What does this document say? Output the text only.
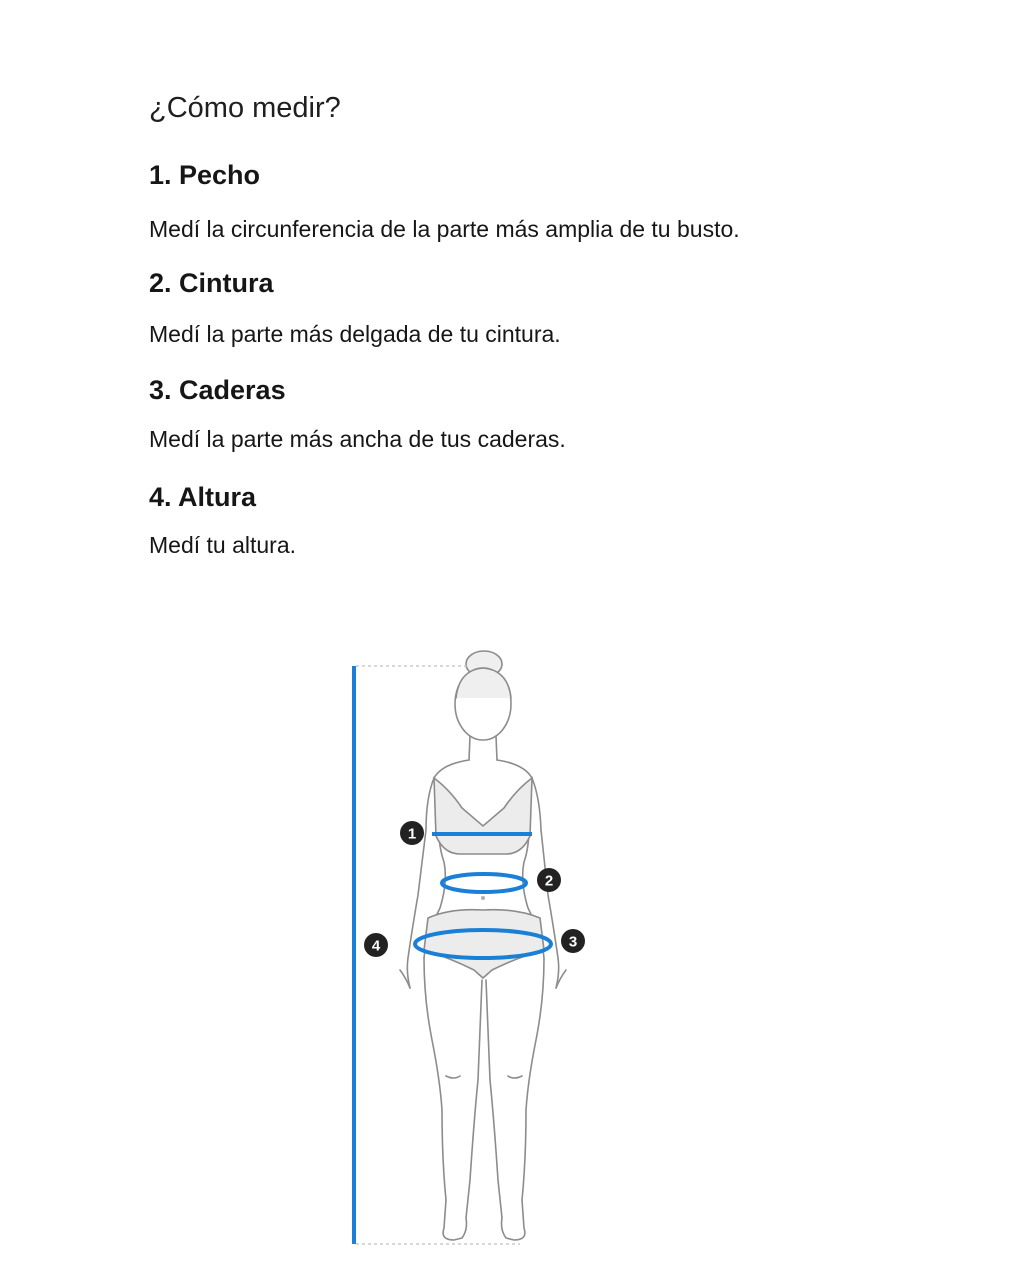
¿Cómo medir?
1. Pecho

Medí la circunferencia de la parte más amplia de tu busto.

2. Cintura

Medí la parte más delgada de tu cintura.

3. Caderas

Medí la parte más ancha de tus caderas.

4. Altura

Medí tu altura.

1
2
3
4
